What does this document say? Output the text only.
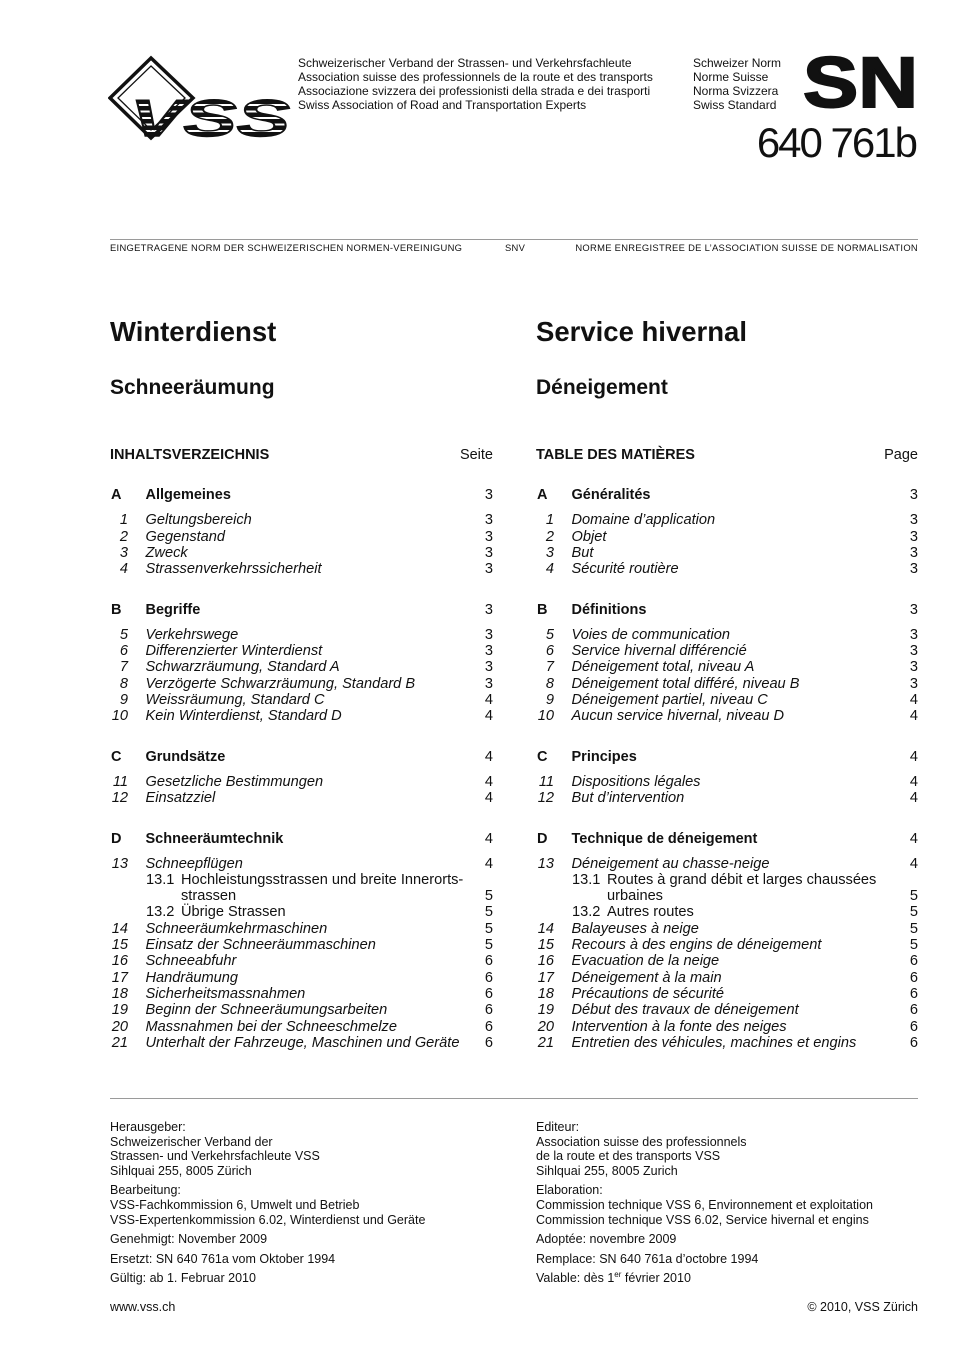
VSS
Schweizerischer Verband der Strassen- und Verkehrsfachleute
Association suisse des professionnels de la route et des transports
Associazione svizzera dei professionisti della strada e dei trasporti
Swiss Association of Road and Transportation Experts
Schweizer Norm
Norme Suisse
Norma Svizzera
Swiss Standard SN
640 761b
EINGETRAGENE NORM DER SCHWEIZERISCHEN NORMEN-VEREINIGUNG	SNV	NORME ENREGISTREE DE L’ASSOCIATION SUISSE DE NORMALISATION
Winterdienst	Service hivernal
Schneeräumung	Déneigement
INHALTSVERZEICHNIS	Seite
A Allgemeines	3
1 Geltungsbereich	3
2 Gegenstand	3
3 Zweck	3
4 Strassenverkehrssicherheit	3
B Begriffe	3
5 Verkehrswege	3
6 Differenzierter Winterdienst	3
7 Schwarzräumung, Standard A	3
8 Verzögerte Schwarzräumung, Standard B	3
9 Weissräumung, Standard C	4
10 Kein Winterdienst, Standard D	4
C Grundsätze	4
11 Gesetzliche Bestimmungen	4
12 Einsatzziel	4
D Schneeräumtechnik	4
13 Schneepflügen	4
13.1 Hochleistungsstrassen und breite Innerorts-
strassen	5
13.2 Übrige Strassen	5
14 Schneeräumkehrmaschinen	5
15 Einsatz der Schneeräummaschinen	5
16 Schneeabfuhr	6
17 Handräumung	6
18 Sicherheitsmassnahmen	6
19 Beginn der Schneeräumungsarbeiten	6
20 Massnahmen bei der Schneeschmelze	6
21 Unterhalt der Fahrzeuge, Maschinen und Geräte 6
TABLE DES MATIÈRES	Page
A Généralités	3
1 Domaine d’application	3
2 Objet	3
3 But	3
4 Sécurité routière	3
B Définitions	3
5 Voies de communication	3
6 Service hivernal différencié	3
7 Déneigement total, niveau A	3
8 Déneigement total différé, niveau B	3
9 Déneigement partiel, niveau C	4
10 Aucun service hivernal, niveau D	4
C Principes	4
11 Dispositions légales	4
12 But d’intervention	4
D Technique de déneigement	4
13 Déneigement au chasse-neige	4
13.1 Routes à grand débit et larges chaussées
urbaines	5
13.2 Autres routes	5
14 Balayeuses à neige	5
15 Recours à des engins de déneigement	5
16 Evacuation de la neige	6
17 Déneigement à la main	6
18 Précautions de sécurité	6
19 Début des travaux de déneigement	6
20 Intervention à la fonte des neiges	6
21 Entretien des véhicules, machines et engins	6
Herausgeber:
Schweizerischer Verband der
Strassen- und Verkehrsfachleute VSS
Sihlquai 255, 8005 Zürich
Bearbeitung:
VSS-Fachkommission 6, Umwelt und Betrieb
VSS-Expertenkommission 6.02, Winterdienst und Geräte
Genehmigt: November 2009
Ersetzt: SN 640 761a vom Oktober 1994
Gültig: ab 1. Februar 2010
Editeur:
Association suisse des professionnels
de la route et des transports VSS
Sihlquai 255, 8005 Zurich
Elaboration:
Commission technique VSS 6, Environnement et exploitation
Commission technique VSS 6.02, Service hivernal et engins
Adoptée: novembre 2009
Remplace: SN 640 761a d’octobre 1994
Valable: dès 1er février 2010
www.vss.ch	© 2010, VSS Zürich
